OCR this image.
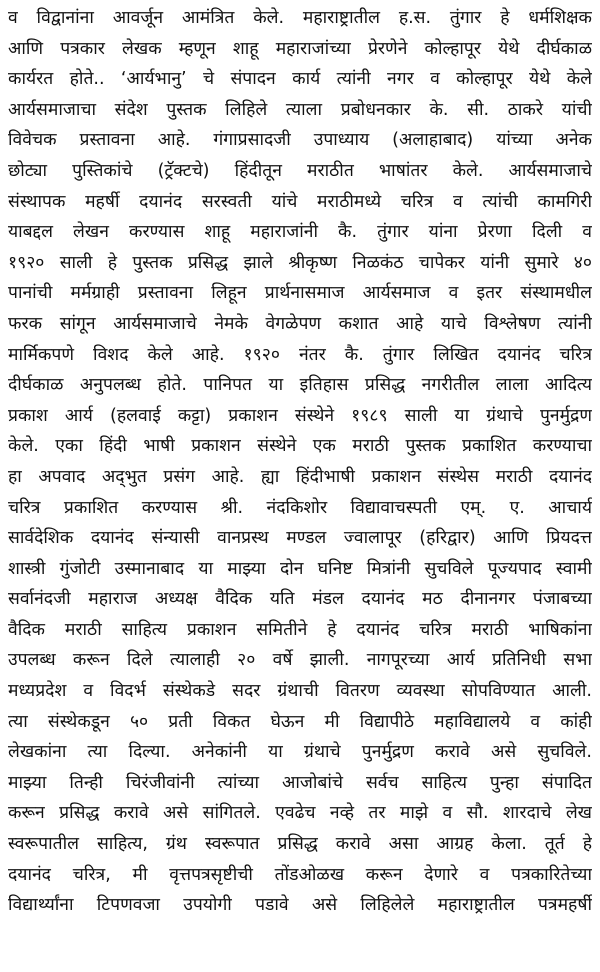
व विद्वानांना आवर्जून आमंत्रित केले. महाराष्ट्रातील ह.स. तुंगार हे धर्मशिक्षक
आणि पत्रकार लेखक म्हणून शाहू महाराजांच्या प्रेरणेने कोल्हापूर येथे दीर्घकाळ
कार्यरत होते.. ‘आर्यभानु’ चे संपादन कार्य त्यांनी नगर व कोल्हापूर येथे केले
आर्यसमाजाचा संदेश पुस्तक लिहिले त्याला प्रबोधनकार के. सी. ठाकरे यांची
विवेचक प्रस्तावना आहे. गंगाप्रसादजी उपाध्याय (अलाहाबाद) यांच्या अनेक
छोट्या पुस्तिकांचे (ट्रॅक्टचे) हिंदीतून मराठीत भाषांतर केले. आर्यसमाजाचे
संस्थापक महर्षी दयानंद सरस्वती यांचे मराठीमध्ये चरित्र व त्यांची कामगिरी
याबद्दल लेखन करण्यास शाहू महाराजांनी कै. तुंगार यांना प्रेरणा दिली व
१९२० साली हे पुस्तक प्रसिद्ध झाले श्रीकृष्ण निळकंठ चापेकर यांनी सुमारे ४०
पानांची मर्मग्राही प्रस्तावना लिहून प्रार्थनासमाज आर्यसमाज व इतर संस्थामधील
फरक सांगून आर्यसमाजाचे नेमके वेगळेपण कशात आहे याचे विश्लेषण त्यांनी
मार्मिकपणे विशद केले आहे. १९२० नंतर कै. तुंगार लिखित दयानंद चरित्र
दीर्घकाळ अनुपलब्ध होते. पानिपत या इतिहास प्रसिद्ध नगरीतील लाला आदित्य
प्रकाश आर्य (हलवाई कट्टा) प्रकाशन संस्थेने १९८९ साली या ग्रंथाचे पुनर्मुद्रण
केले. एका हिंदी भाषी प्रकाशन संस्थेने एक मराठी पुस्तक प्रकाशित करण्याचा
हा अपवाद अद्‌भुत प्रसंग आहे. ह्या हिंदीभाषी प्रकाशन संस्थेस मराठी दयानंद
चरित्र प्रकाशित करण्यास श्री. नंदकिशोर विद्यावाचस्पती एम्‌. ए. आचार्य
सार्वदेशिक दयानंद संन्यासी वानप्रस्थ मण्डल ज्वालापूर (हरिद्वार) आणि प्रियदत्त
शास्त्री गुंजोटी उस्मानाबाद या माझ्या दोन घनिष्ट मित्रांनी सुचविले पूज्यपाद स्वामी
सर्वानंदजी महाराज अध्यक्ष वैदिक यति मंडल दयानंद मठ दीनानगर पंजाबच्या
वैदिक मराठी साहित्य प्रकाशन समितीने हे दयानंद चरित्र मराठी भाषिकांना
उपलब्ध करून दिले त्यालाही २० वर्षे झाली. नागपूरच्या आर्य प्रतिनिधी सभा
मध्यप्रदेश व विदर्भ संस्थेकडे सदर ग्रंथाची वितरण व्यवस्था सोपविण्यात आली.
त्या संस्थेकडून ५० प्रती विकत घेऊन मी विद्यापीठे महाविद्यालये व कांही
लेखकांना त्या दिल्या. अनेकांनी या ग्रंथाचे पुनर्मुद्रण करावे असे सुचविले.
माझ्या तिन्ही चिरंजीवांनी त्यांच्या आजोबांचे सर्वच साहित्य पुन्हा संपादित
करून प्रसिद्ध करावे असे सांगितले. एवढेच नव्हे तर माझे व सौ. शारदाचे लेख
स्वरूपातील साहित्य, ग्रंथ स्वरूपात प्रसिद्ध करावे असा आग्रह केला. तूर्त हे
दयानंद चरित्र, मी वृत्तपत्रसृष्टीची तोंडओळख करून देणारे व पत्रकारितेच्या
विद्यार्थ्यांना टिपणवजा उपयोगी पडावे असे लिहिलेले महाराष्ट्रातील पत्रमहर्षी
